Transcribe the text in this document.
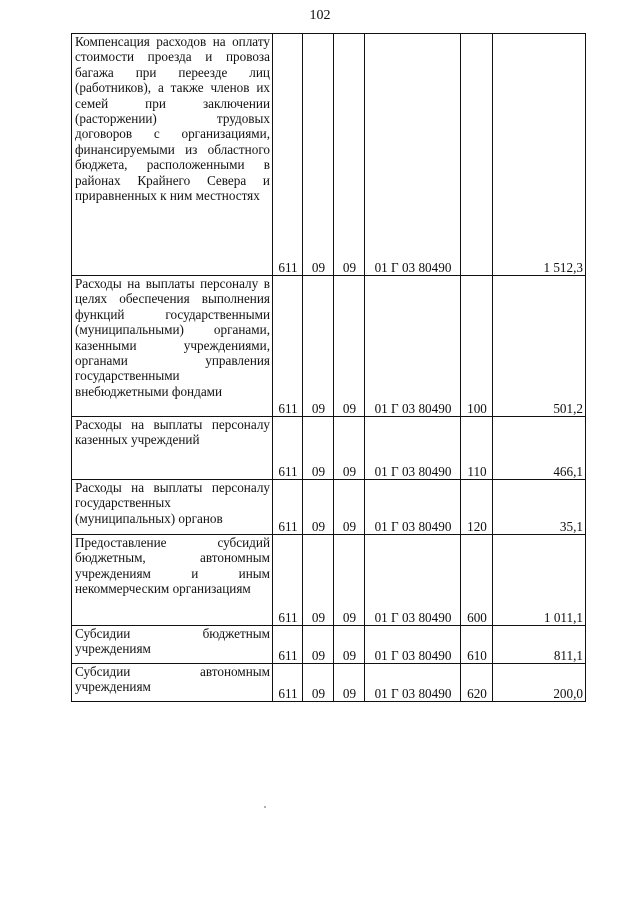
102
Компенсация расходов на оплату стоимости проезда и провоза багажа при переезде лиц (работников), а также членов их семей при заключении (расторжении) трудовых договоров с организациями, финансируемыми из областного бюджета, расположенными в районах Крайнего Севера и приравненных к ним местностях	611	09	09	01 Г 03 80490		1 512,3
Расходы на выплаты персоналу в целях обеспечения выполнения функций государственными (муниципальными) органами, казенными учреждениями, органами управления государственными внебюджетными фондами	611	09	09	01 Г 03 80490	100	501,2
Расходы на выплаты персоналу казенных учреждений	611	09	09	01 Г 03 80490	110	466,1
Расходы на выплаты персоналу государственных (муниципальных) органов	611	09	09	01 Г 03 80490	120	35,1
Предоставление субсидий бюджетным, автономным учреждениям и иным некоммерческим организациям	611	09	09	01 Г 03 80490	600	1 011,1
Субсидии бюджетным учреждениям	611	09	09	01 Г 03 80490	610	811,1
Субсидии автономным учреждениям	611	09	09	01 Г 03 80490	620	200,0
